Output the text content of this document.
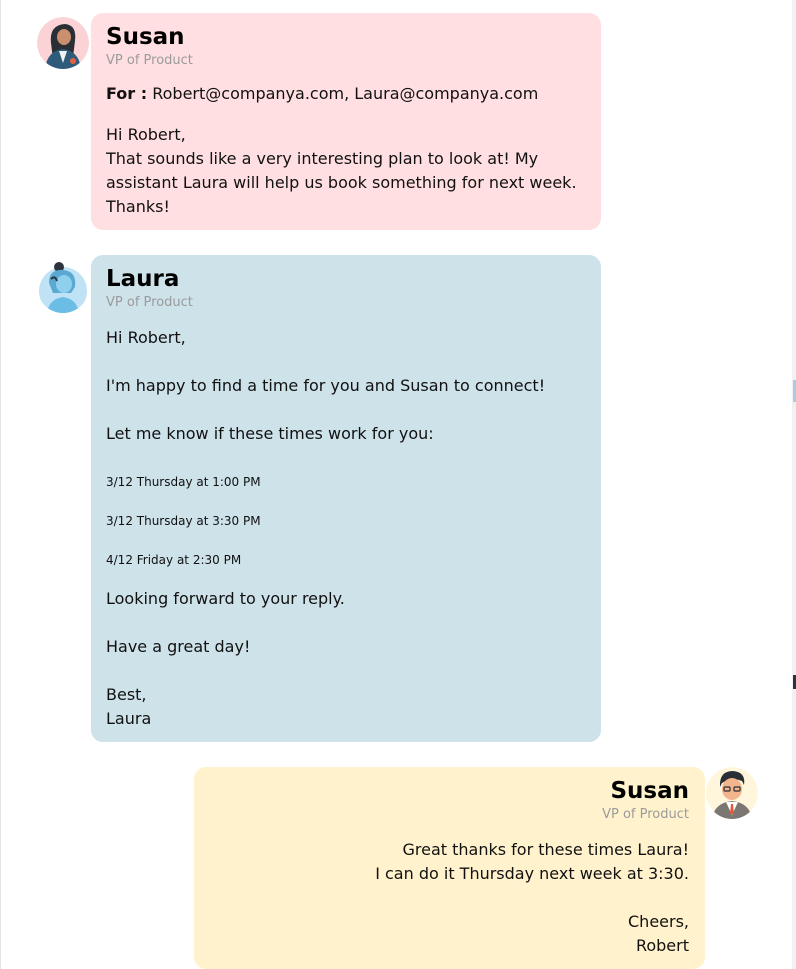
Susan
VP of Product
For : Robert@companya.com, Laura@companya.com
Hi Robert,
That sounds like a very interesting plan to look at! My
assistant Laura will help us book something for next week.
Thanks!
Laura
VP of Product
Hi Robert,
I'm happy to find a time for you and Susan to connect!
Let me know if these times work for you:
3/12 Thursday at 1:00 PM
3/12 Thursday at 3:30 PM
4/12 Friday at 2:30 PM
Looking forward to your reply.
Have a great day!
Best,
Laura
Susan
VP of Product
Great thanks for these times Laura!
I can do it Thursday next week at 3:30.
Cheers,
Robert
